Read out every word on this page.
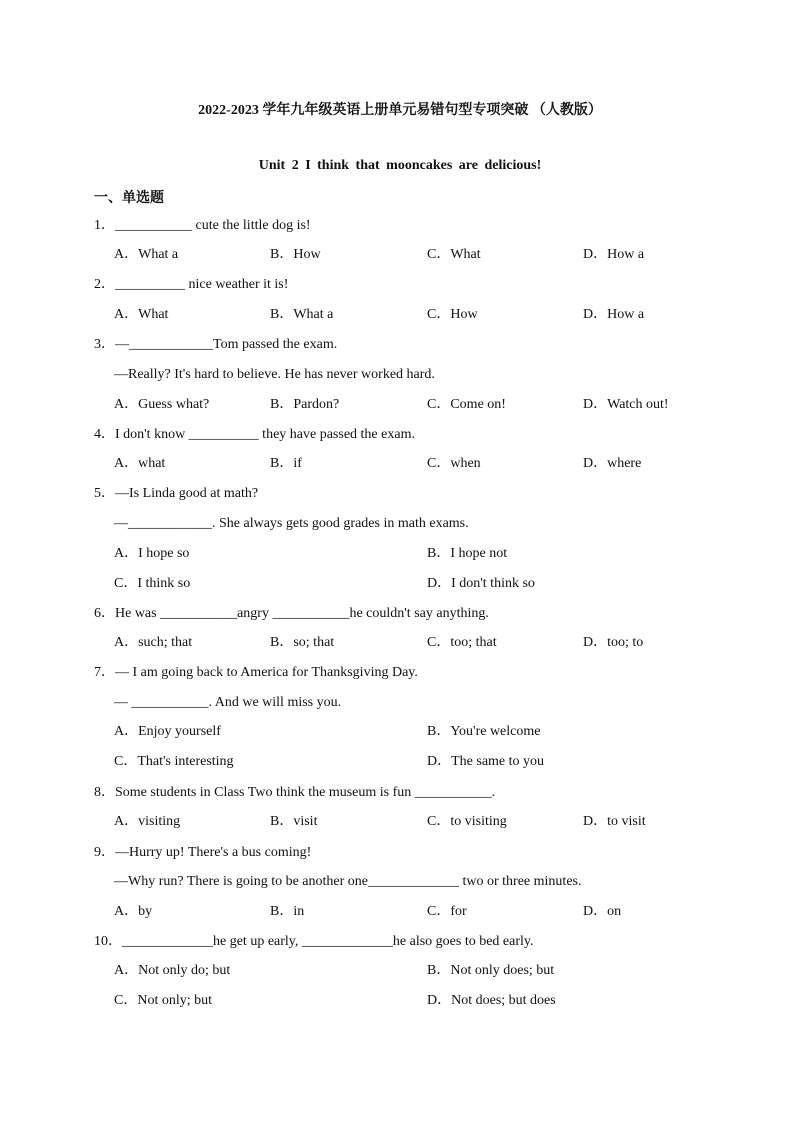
2022-2023 学年九年级英语上册单元易错句型专项突破 （人教版）
Unit 2 I think that mooncakes are delicious!
一、单选题
1．___________ cute the little dog is!
A．What a	B．How	C．What	D．How a
2．__________ nice weather it is!
A．What	B．What a	C．How	D．How a
3．—____________Tom passed the exam.
—Really? It's hard to believe. He has never worked hard.
A．Guess what?	B．Pardon?	C．Come on!	D．Watch out!
4．I don't know __________ they have passed the exam.
A．what	B．if	C．when	D．where
5．—Is Linda good at math?
—____________. She always gets good grades in math exams.
A．I hope so	B．I hope not
C．I think so	D．I don't think so
6．He was ___________angry ___________he couldn't say anything.
A．such; that	B．so; that	C．too; that	D．too; to
7．— I am going back to America for Thanksgiving Day.
— ___________. And we will miss you.
A．Enjoy yourself	B．You're welcome
C．That's interesting	D．The same to you
8．Some students in Class Two think the museum is fun ___________.
A．visiting	B．visit	C．to visiting	D．to visit
9．—Hurry up! There's a bus coming!
—Why run? There is going to be another one_____________ two or three minutes.
A．by	B．in	C．for	D．on
10．_____________he get up early, _____________he also goes to bed early.
A．Not only do; but	B．Not only does; but
C．Not only; but	D．Not does; but does
